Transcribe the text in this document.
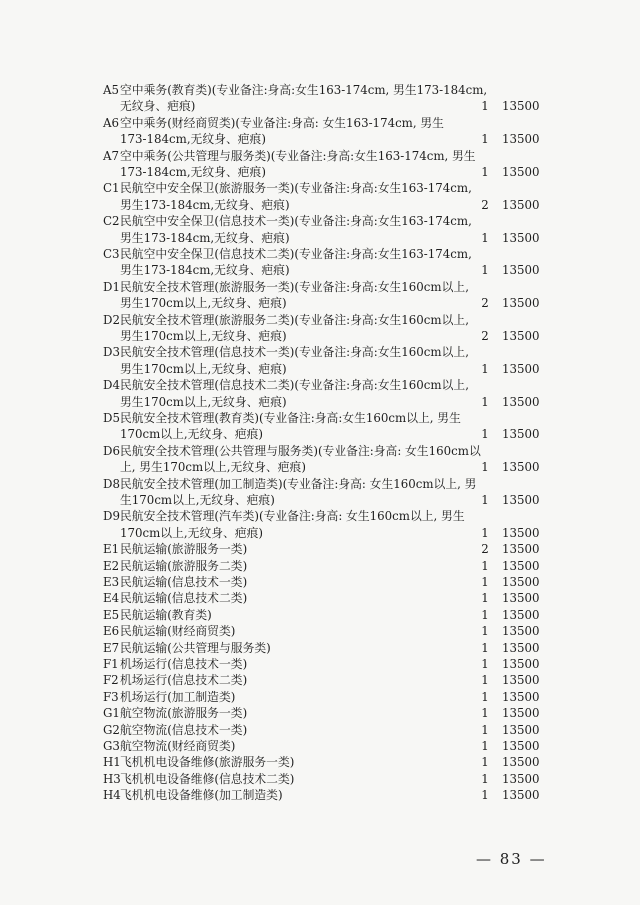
A5 空中乘务(教育类)(专业备注:身高:女生163-174cm, 男生173-184cm,
无纹身、疤痕)	1 13500
A6 空中乘务(财经商贸类)(专业备注:身高: 女生163-174cm, 男生
173-184cm,无纹身、疤痕)	1 13500
A7 空中乘务(公共管理与服务类)(专业备注:身高:女生163-174cm, 男生
173-184cm,无纹身、疤痕)	1 13500
C1 民航空中安全保卫(旅游服务一类)(专业备注:身高:女生163-174cm,
男生173-184cm,无纹身、疤痕)	2 13500
C2 民航空中安全保卫(信息技术一类)(专业备注:身高:女生163-174cm,
男生173-184cm,无纹身、疤痕)	1 13500
C3 民航空中安全保卫(信息技术二类)(专业备注:身高:女生163-174cm,
男生173-184cm,无纹身、疤痕)	1 13500
D1 民航安全技术管理(旅游服务一类)(专业备注:身高:女生160cm以上,
男生170cm以上,无纹身、疤痕)	2 13500
D2 民航安全技术管理(旅游服务二类)(专业备注:身高:女生160cm以上,
男生170cm以上,无纹身、疤痕)	2 13500
D3 民航安全技术管理(信息技术一类)(专业备注:身高:女生160cm以上,
男生170cm以上,无纹身、疤痕)	1 13500
D4 民航安全技术管理(信息技术二类)(专业备注:身高:女生160cm以上,
男生170cm以上,无纹身、疤痕)	1 13500
D5 民航安全技术管理(教育类)(专业备注:身高:女生160cm以上, 男生
170cm以上,无纹身、疤痕)	1 13500
D6 民航安全技术管理(公共管理与服务类)(专业备注:身高: 女生160cm以
上, 男生170cm以上,无纹身、疤痕)	1 13500
D8 民航安全技术管理(加工制造类)(专业备注:身高: 女生160cm以上, 男
生170cm以上,无纹身、疤痕)	1 13500
D9 民航安全技术管理(汽车类)(专业备注:身高: 女生160cm以上, 男生
170cm以上,无纹身、疤痕)	1 13500
E1 民航运输(旅游服务一类)	2 13500
E2 民航运输(旅游服务二类)	1 13500
E3 民航运输(信息技术一类)	1 13500
E4 民航运输(信息技术二类)	1 13500
E5 民航运输(教育类)	1 13500
E6 民航运输(财经商贸类)	1 13500
E7 民航运输(公共管理与服务类)	1 13500
F1 机场运行(信息技术一类)	1 13500
F2 机场运行(信息技术二类)	1 13500
F3 机场运行(加工制造类)	1 13500
G1 航空物流(旅游服务一类)	1 13500
G2 航空物流(信息技术一类)	1 13500
G3 航空物流(财经商贸类)	1 13500
H1 飞机机电设备维修(旅游服务一类)	1 13500
H3 飞机机电设备维修(信息技术二类)	1 13500
H4 飞机机电设备维修(加工制造类)	1 13500
— 83 —
